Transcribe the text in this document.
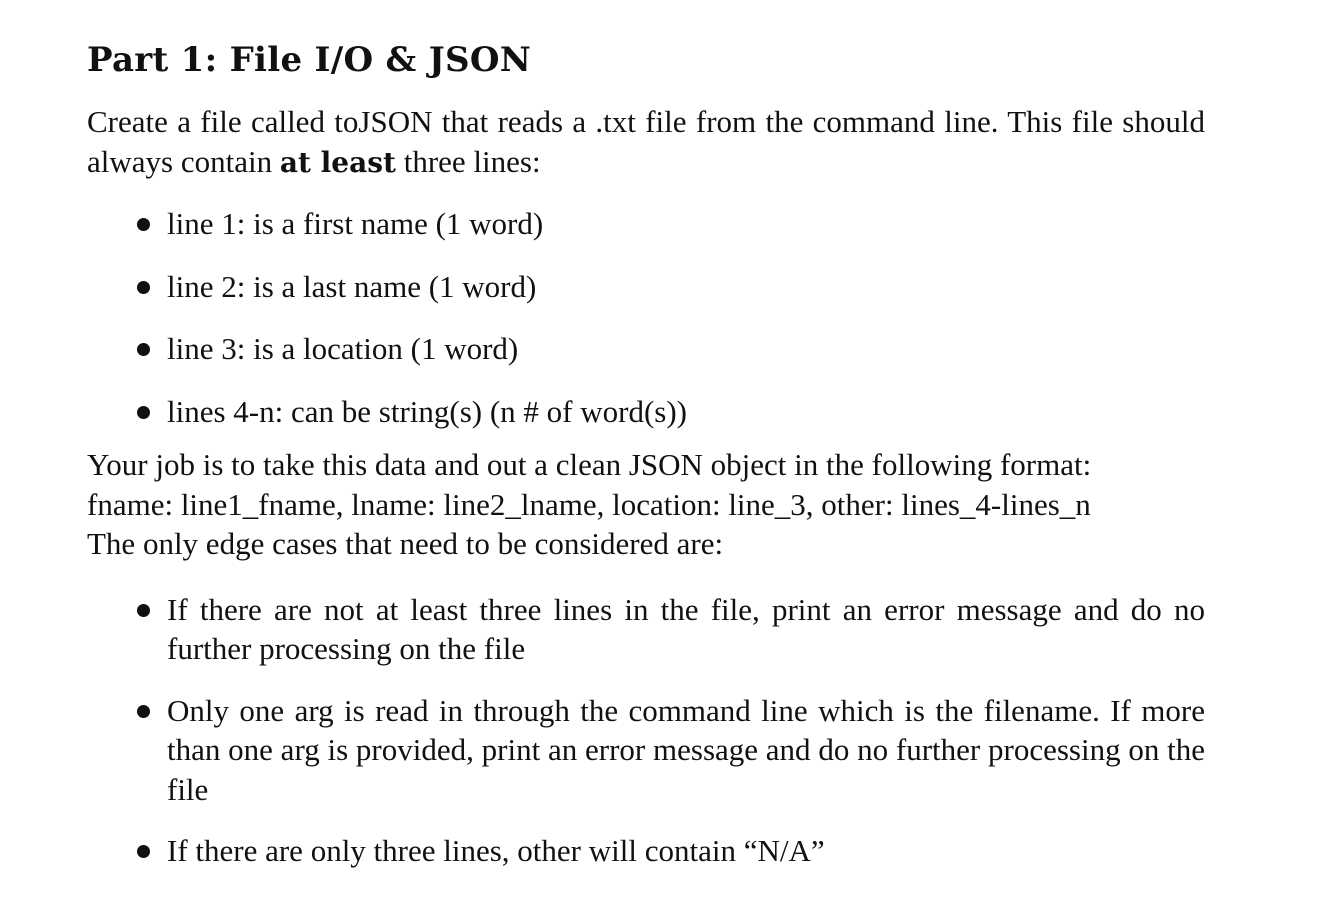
Part 1: File I/O & JSON

Create a file called toJSON that reads a .txt file from the command line. This file should always contain at least three lines:

line 1: is a first name (1 word)
line 2: is a last name (1 word)
line 3: is a location (1 word)
lines 4-n: can be string(s) (n # of word(s))
Your job is to take this data and out a clean JSON object in the following format:
fname: line1_fname, lname: line2_lname, location: line_3, other: lines_4-lines_n
The only edge cases that need to be considered are:
If there are not at least three lines in the file, print an error message and do no further processing on the file
Only one arg is read in through the command line which is the filename. If more than one arg is provided, print an error message and do no further processing on the file
If there are only three lines, other will contain “N/A”
